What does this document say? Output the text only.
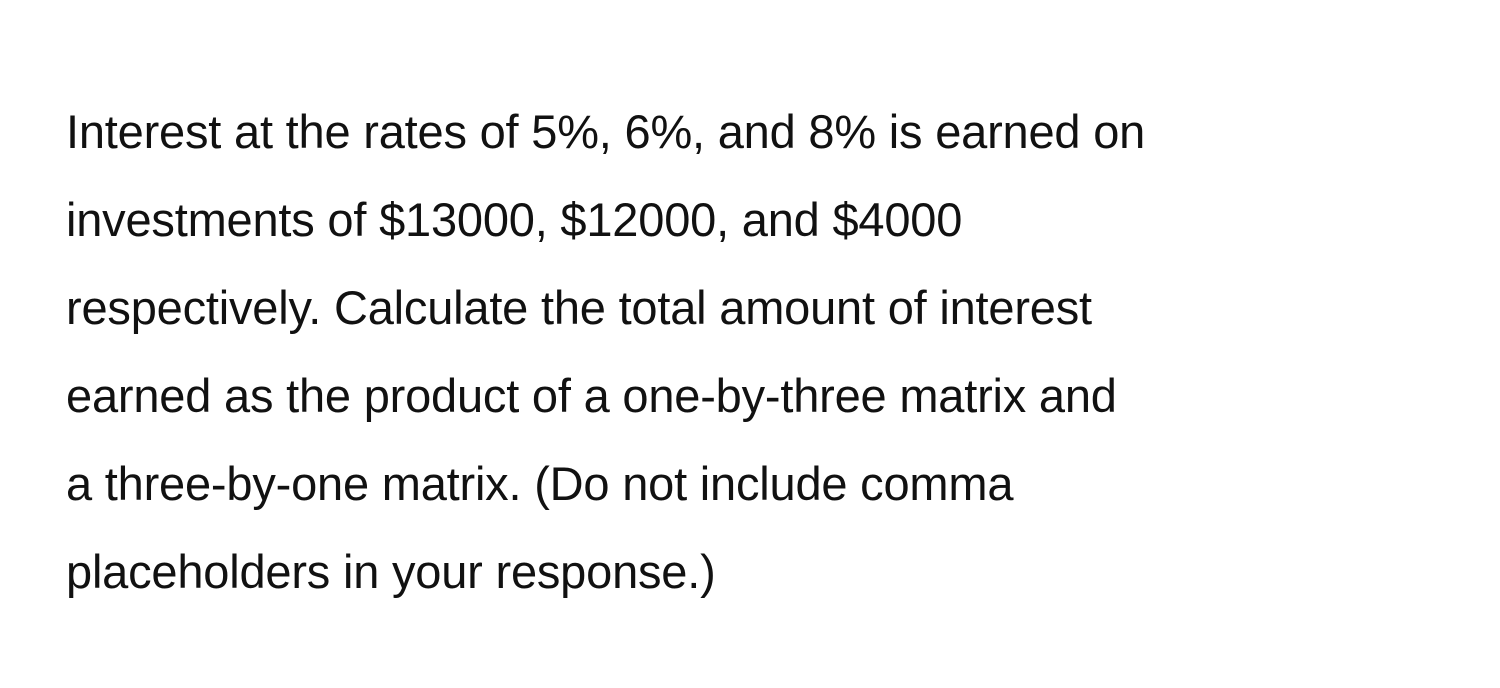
Interest at the rates of 5%, 6%, and 8% is earned on
investments of $13000, $12000, and $4000
respectively. Calculate the total amount of interest
earned as the product of a one-by-three matrix and
a three-by-one matrix. (Do not include comma
placeholders in your response.)
